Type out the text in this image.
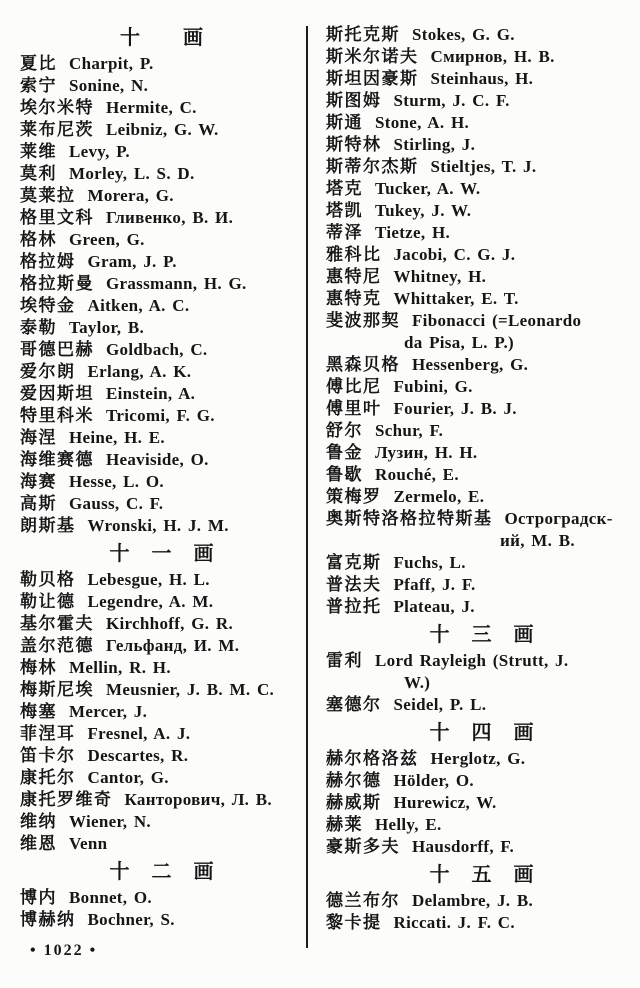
十　　画
夏比 Charpit, P.
索宁 Sonine, N.
埃尔米特 Hermite, C.
莱布尼茨 Leibniz, G. W.
莱维 Levy, P.
莫利 Morley, L. S. D.
莫莱拉 Morera, G.
格里文科 Гливенко, В. И.
格林 Green, G.
格拉姆 Gram, J. P.
格拉斯曼 Grassmann, H. G.
埃特金 Aitken, A. C.
泰勒 Taylor, B.
哥德巴赫 Goldbach, C.
爱尔朗 Erlang, A. K.
爱因斯坦 Einstein, A.
特里科米 Tricomi, F. G.
海涅 Heine, H. E.
海维赛德 Heaviside, O.
海赛 Hesse, L. O.
高斯 Gauss, C. F.
朗斯基 Wronski, H. J. M.
十　一　画
勒贝格 Lebesgue, H. L.
勒让德 Legendre, A. M.
基尔霍夫 Kirchhoff, G. R.
盖尔范德 Гельфанд, И. М.
梅林 Mellin, R. H.
梅斯尼埃 Meusnier, J. B. M. C.
梅塞 Mercer, J.
菲涅耳 Fresnel, A. J.
笛卡尔 Descartes, R.
康托尔 Cantor, G.
康托罗维奇 Канторович, Л. В.
维纳 Wiener, N.
维恩 Venn
十　二　画
博内 Bonnet, O.
博赫纳 Bochner, S.
斯托克斯 Stokes, G. G.
斯米尔诺夫 Смирнов, Н. В.
斯坦因豪斯 Steinhaus, H.
斯图姆 Sturm, J. C. F.
斯通 Stone, A. H.
斯特林 Stirling, J.
斯蒂尔杰斯 Stieltjes, T. J.
塔克 Tucker, A. W.
塔凯 Tukey, J. W.
蒂泽 Tietze, H.
雅科比 Jacobi, C. G. J.
惠特尼 Whitney, H.
惠特克 Whittaker, E. T.
斐波那契 Fibonacci (=Leonardo
da Pisa, L. P.)
黑森贝格 Hessenberg, G.
傅比尼 Fubini, G.
傅里叶 Fourier, J. B. J.
舒尔 Schur, F.
鲁金 Лузин, Н. Н.
鲁歇 Rouché, E.
策梅罗 Zermelo, E.
奥斯特洛格拉特斯基 Остроградск-
ий, М. В.
富克斯 Fuchs, L.
普法夫 Pfaff, J. F.
普拉托 Plateau, J.
十　三　画
雷利 Lord Rayleigh (Strutt, J.
W.)
塞德尔 Seidel, P. L.
十　四　画
赫尔格洛兹 Herglotz, G.
赫尔德 Hölder, O.
赫威斯 Hurewicz, W.
赫莱 Helly, E.
豪斯多夫 Hausdorff, F.
十　五　画
德兰布尔 Delambre, J. B.
黎卡提 Riccati. J. F. C.
• 1022 •
